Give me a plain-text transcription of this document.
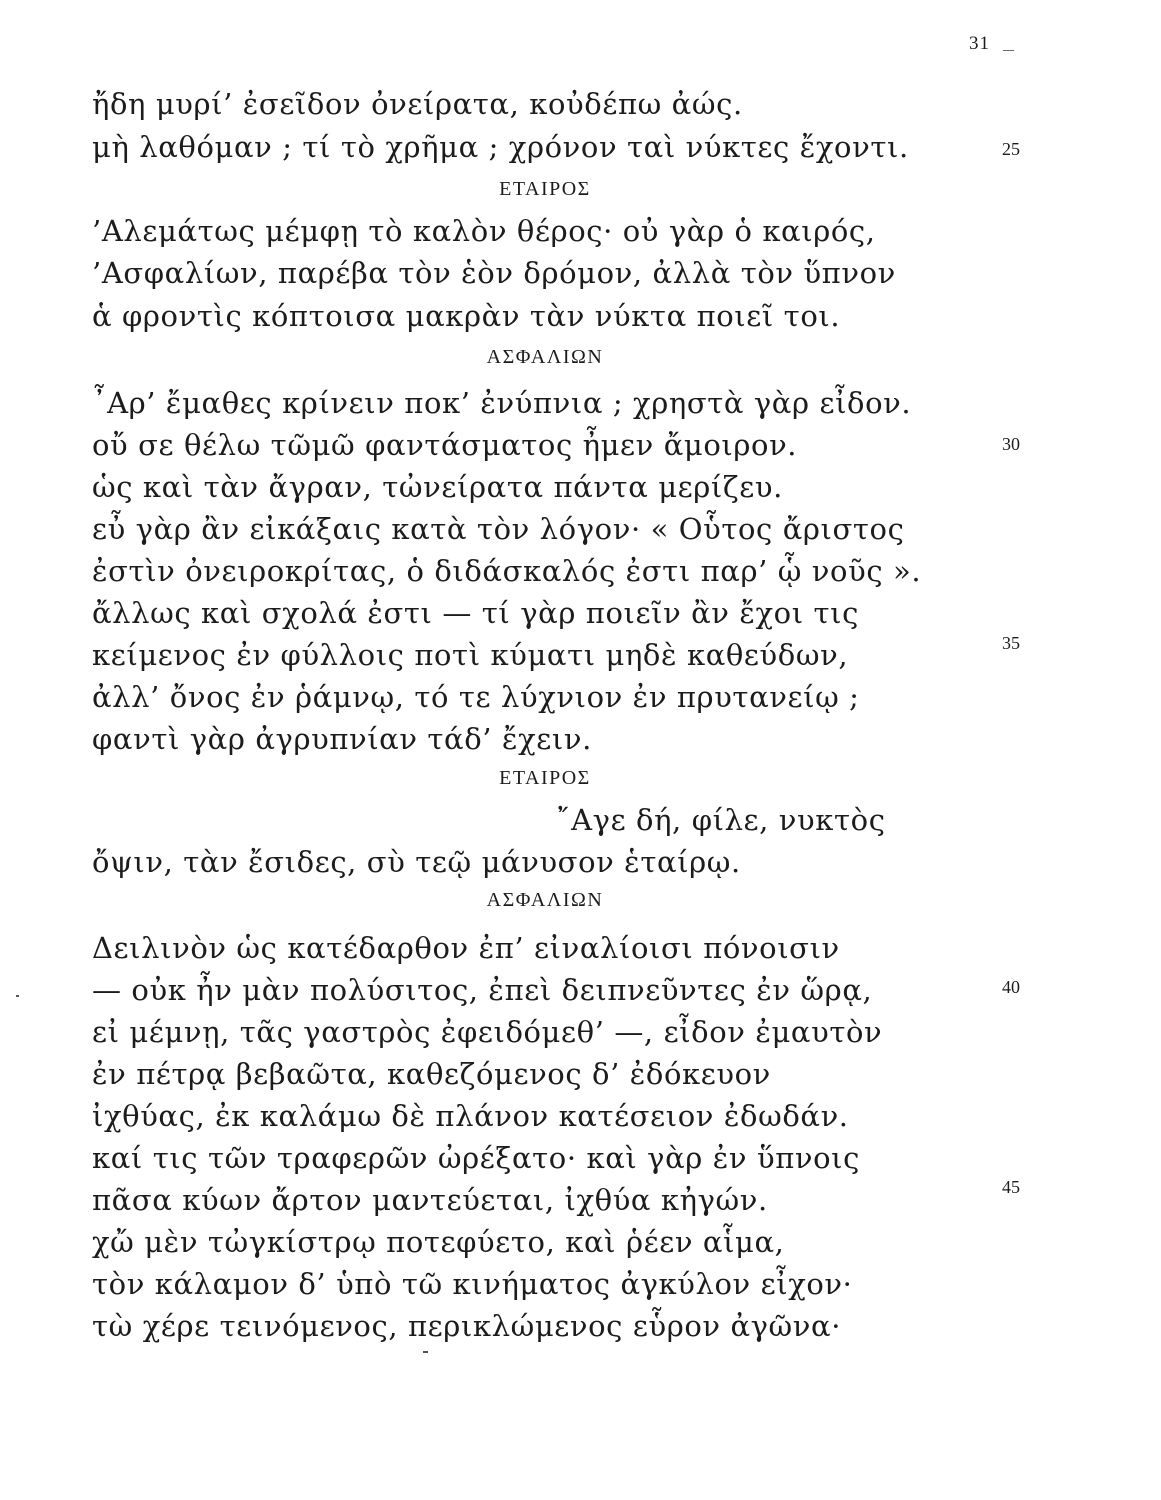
31
ἤδη μυρί’ ἐσεῖδον ὀνείρατα, κοὐδέπω ἀώς.
μὴ λαθόμαν ; τί τὸ χρῆμα ; χρόνον ταὶ νύκτες ἔχοντι.	25
ΕΤΑΙΡΟΣ
’Αλεμάτως μέμφῃ τὸ καλὸν θέρος· οὐ γὰρ ὁ καιρός,
’Ασφαλίων, παρέβα τὸν ἑὸν δρόμον, ἀλλὰ τὸν ὕπνον
ἁ φροντὶς κόπτοισα μακρὰν τὰν νύκτα ποιεῖ τοι.
ΑΣΦΑΛΙΩΝ
῏Αρ’ ἔμαθες κρίνειν ποκ’ ἐνύπνια ; χρηστὰ γὰρ εἶδον.
οὔ σε θέλω τῶμῶ φαντάσματος ἦμεν ἄμοιρον.	30
ὡς καὶ τὰν ἄγραν, τὠνείρατα πάντα μερίζευ.
εὖ γὰρ ἂν εἰκάξαις κατὰ τὸν λόγον· « Οὗτος ἄριστος
ἐστὶν ὀνειροκρίτας, ὁ διδάσκαλός ἐστι παρ’ ᾧ νοῦς ».
ἄλλως καὶ σχολά ἐστι — τί γὰρ ποιεῖν ἂν ἔχοι τις
κείμενος ἐν φύλλοις ποτὶ κύματι μηδὲ καθεύδων,	35
ἀλλ’ ὄνος ἐν ῥάμνῳ, τό τε λύχνιον ἐν πρυτανείῳ ;
φαντὶ γὰρ ἀγρυπνίαν τάδ’ ἔχειν.
ΕΤΑΙΡΟΣ
῎Αγε δή, φίλε, νυκτὸς
ὄψιν, τὰν ἔσιδες, σὺ τεῷ μάνυσον ἑταίρῳ.
ΑΣΦΑΛΙΩΝ
Δειλινὸν ὡς κατέδαρθον ἐπ’ εἰναλίοισι πόνοισιν
— οὐκ ἦν μὰν πολύσιτος, ἐπεὶ δειπνεῦντες ἐν ὥρᾳ,	40
εἰ μέμνῃ, τᾶς γαστρὸς ἐφειδόμεθ’ —, εἶδον ἐμαυτὸν
ἐν πέτρᾳ βεβαῶτα, καθεζόμενος δ’ ἐδόκευον
ἰχθύας, ἐκ καλάμω δὲ πλάνον κατέσειον ἐδωδάν.
καί τις τῶν τραφερῶν ὠρέξατο· καὶ γὰρ ἐν ὕπνοις
πᾶσα κύων ἄρτον μαντεύεται, ἰχθύα κἠγών.	45
χὤ μὲν τὠγκίστρῳ ποτεφύετο, καὶ ῥέεν αἷμα,
τὸν κάλαμον δ’ ὑπὸ τῶ κινήματος ἀγκύλον εἶχον·
τὼ χέρε τεινόμενος, περικλώμενος εὗρον ἀγῶνα·
